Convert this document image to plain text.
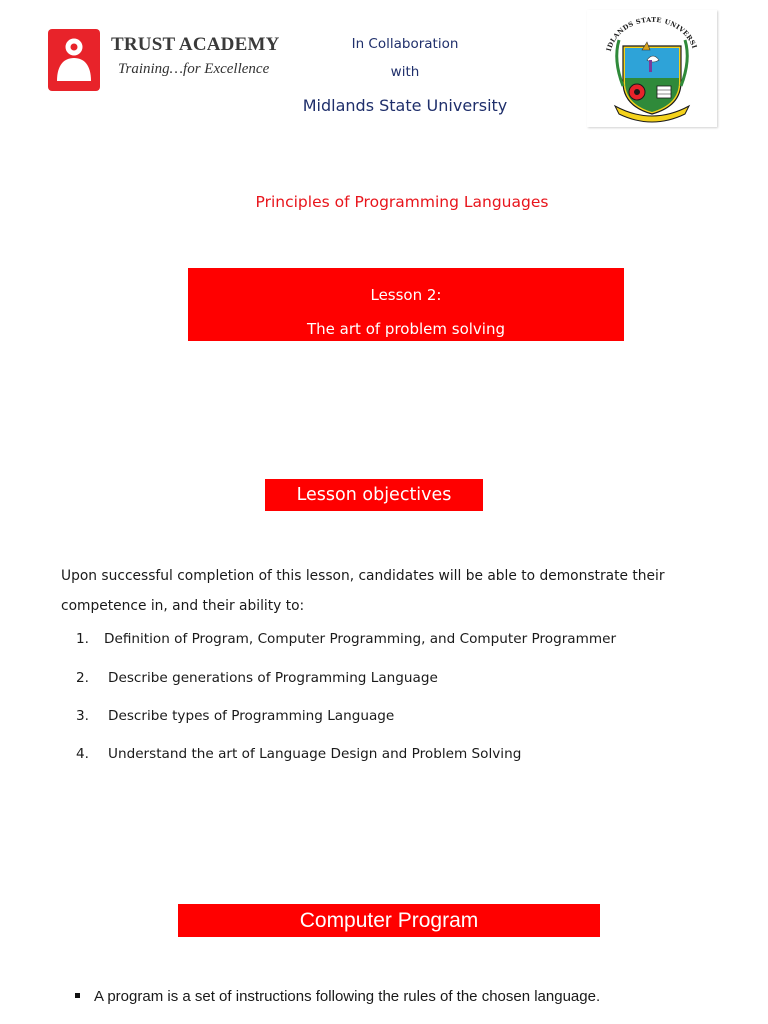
TRUST ACADEMY
Training…for Excellence
In Collaboration
with
Midlands State University
IDLANDS STATE UNIVERSI
Principles of Programming Languages
Lesson 2:
The art of problem solving
Lesson objectives
Upon successful completion of this lesson, candidates will be able to demonstrate their competence in, and their ability to:
1. Definition of Program, Computer Programming, and Computer Programmer
2. Describe generations of Programming Language
3. Describe types of Programming Language
4. Understand the art of Language Design and Problem Solving
Computer Program
A program is a set of instructions following the rules of the chosen language.
